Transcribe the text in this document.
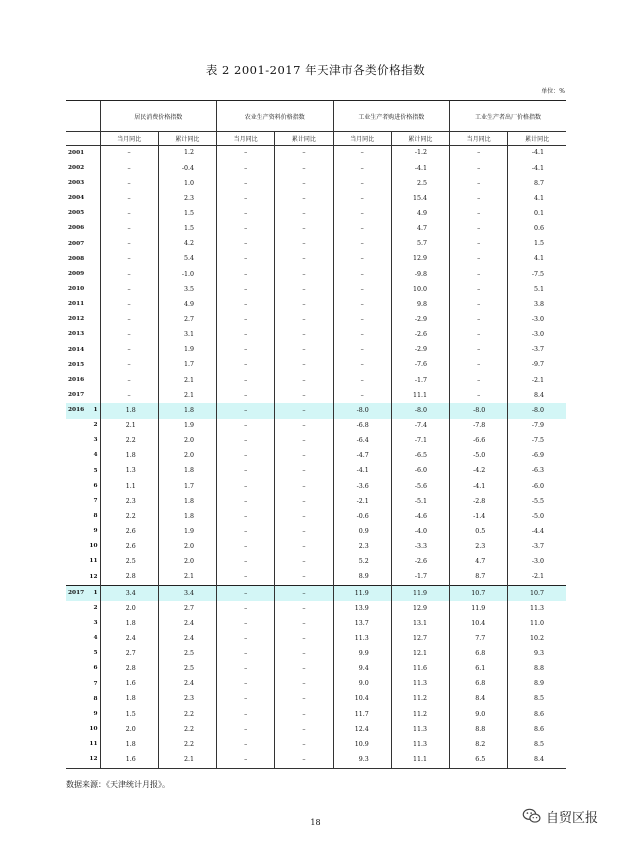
表 2 2001-2017 年天津市各类价格指数
单位：%
		居民消费价格指数		农业生产资料价格指数		工业生产者购进价格指数		工业生产者出厂价格指数	
		当月同比	累计同比	当月同比	累计同比	当月同比	累计同比	当月同比	累计同比
2001		–	1.2	–	–	–	-1.2	–	-4.1
2002		–	-0.4	–	–	–	-4.1	–	-4.1
2003		–	1.0	–	–	–	2.5	–	8.7
2004		–	2.3	–	–	–	15.4	–	4.1
2005		–	1.5	–	–	–	4.9	–	0.1
2006		–	1.5	–	–	–	4.7	–	0.6
2007		–	4.2	–	–	–	5.7	–	1.5
2008		–	5.4	–	–	–	12.9	–	4.1
2009		–	-1.0	–	–	–	-9.8	–	-7.5
2010		–	3.5	–	–	–	10.0	–	5.1
2011		–	4.9	–	–	–	9.8	–	3.8
2012		–	2.7	–	–	–	-2.9	–	-3.0
2013		–	3.1	–	–	–	-2.6	–	-3.0
2014		–	1.9	–	–	–	-2.9	–	-3.7
2015		–	1.7	–	–	–	-7.6	–	-9.7
2016		–	2.1	–	–	–	-1.7	–	-2.1
2017		–	2.1	–	–	–	11.1	–	8.4
2016	1	1.8	1.8	–	–	-8.0	-8.0	-8.0	-8.0
	2	2.1	1.9	–	–	-6.8	-7.4	-7.8	-7.9
	3	2.2	2.0	–	–	-6.4	-7.1	-6.6	-7.5
	4	1.8	2.0	–	–	-4.7	-6.5	-5.0	-6.9
	5	1.3	1.8	–	–	-4.1	-6.0	-4.2	-6.3
	6	1.1	1.7	–	–	-3.6	-5.6	-4.1	-6.0
	7	2.3	1.8	–	–	-2.1	-5.1	-2.8	-5.5
	8	2.2	1.8	–	–	-0.6	-4.6	-1.4	-5.0
	9	2.6	1.9	–	–	0.9	-4.0	0.5	-4.4
	10	2.6	2.0	–	–	2.3	-3.3	2.3	-3.7
	11	2.5	2.0	–	–	5.2	-2.6	4.7	-3.0
	12	2.8	2.1	–	–	8.9	-1.7	8.7	-2.1
2017	1	3.4	3.4	–	–	11.9	11.9	10.7	10.7
	2	2.0	2.7	–	–	13.9	12.9	11.9	11.3
	3	1.8	2.4	–	–	13.7	13.1	10.4	11.0
	4	2.4	2.4	–	–	11.3	12.7	7.7	10.2
	5	2.7	2.5	–	–	9.9	12.1	6.8	9.3
	6	2.8	2.5	–	–	9.4	11.6	6.1	8.8
	7	1.6	2.4	–	–	9.0	11.3	6.8	8.9
	8	1.8	2.3	–	–	10.4	11.2	8.4	8.5
	9	1.5	2.2	–	–	11.7	11.2	9.0	8.6
	10	2.0	2.2	–	–	12.4	11.3	8.8	8.6
	11	1.8	2.2	–	–	10.9	11.3	8.2	8.5
	12	1.6	2.1	–	–	9.3	11.1	6.5	8.4
数据来源：《天津统计月报》。
18	自贸区报
